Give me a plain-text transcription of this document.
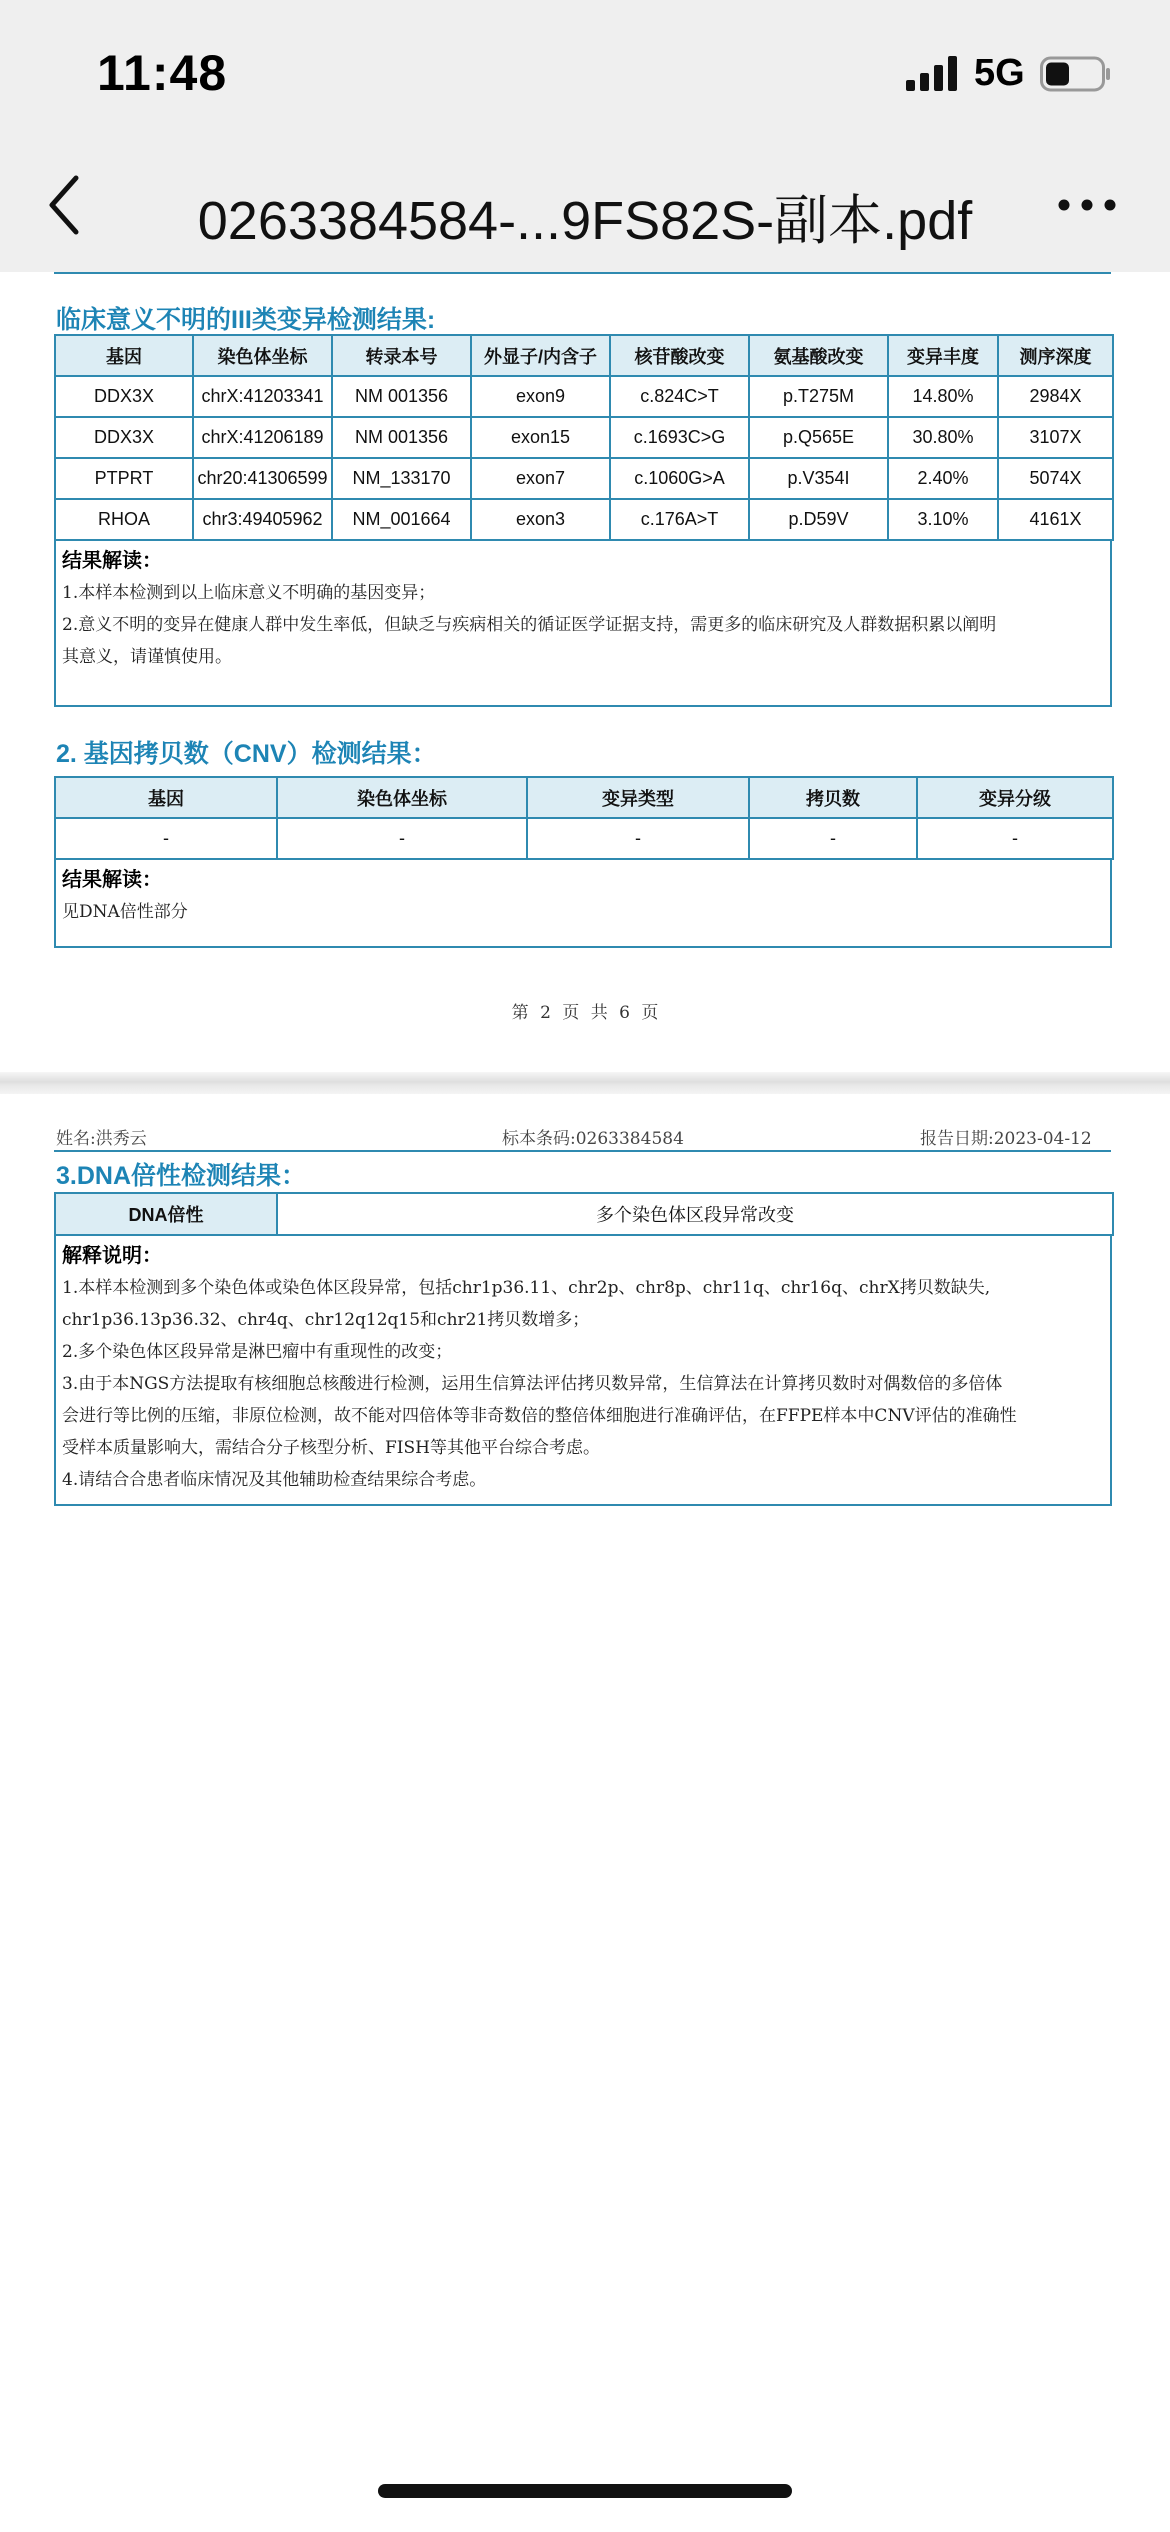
11:48	5G
0263384584-...9FS82S-副本.pdf
临床意义不明的III类变异检测结果:
基因	染色体坐标	转录本号	外显子/内含子	核苷酸改变	氨基酸改变	变异丰度	测序深度
DDX3X	chrX:41203341	NM 001356	exon9	c.824C>T	p.T275M	14.80%	2984X
DDX3X	chrX:41206189	NM 001356	exon15	c.1693C>G	p.Q565E	30.80%	3107X
PTPRT	chr20:41306599	NM_133170	exon7	c.1060G>A	p.V354I	2.40%	5074X
RHOA	chr3:49405962	NM_001664	exon3	c.176A>T	p.D59V	3.10%	4161X
结果解读：
1.本样本检测到以上临床意义不明确的基因变异；
2.意义不明的变异在健康人群中发生率低，但缺乏与疾病相关的循证医学证据支持，需更多的临床研究及人群数据积累以阐明
其意义，请谨慎使用。
2. 基因拷贝数（CNV）检测结果：
基因	染色体坐标	变异类型	拷贝数	变异分级
-	-	-	-	-
结果解读：
见DNA倍性部分
第 2 页 共 6 页
姓名:洪秀云	标本条码:0263384584	报告日期:2023-04-12
3.DNA倍性检测结果：
DNA倍性	多个染色体区段异常改变
解释说明：
1.本样本检测到多个染色体或染色体区段异常，包括chr1p36.11、chr2p、chr8p、chr11q、chr16q、chrX拷贝数缺失,
chr1p36.13p36.32、chr4q、chr12q12q15和chr21拷贝数增多；
2.多个染色体区段异常是淋巴瘤中有重现性的改变；
3.由于本NGS方法提取有核细胞总核酸进行检测，运用生信算法评估拷贝数异常，生信算法在计算拷贝数时对偶数倍的多倍体
会进行等比例的压缩，非原位检测，故不能对四倍体等非奇数倍的整倍体细胞进行准确评估，在FFPE样本中CNV评估的准确性
受样本质量影响大，需结合分子核型分析、FISH等其他平台综合考虑。
4.请结合合患者临床情况及其他辅助检查结果综合考虑。
